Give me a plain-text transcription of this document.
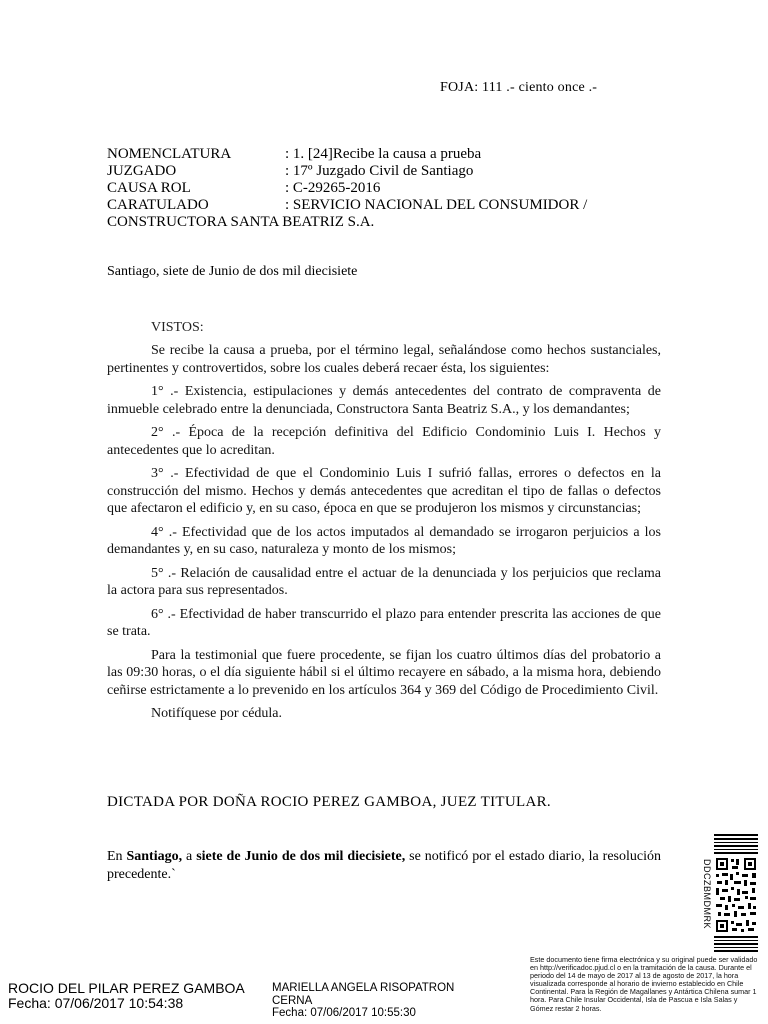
FOJA: 111 .- ciento once .-
NOMENCLATURA	: 1. [24]Recibe la causa a prueba
JUZGADO	: 17º Juzgado Civil de Santiago
CAUSA ROL	: C-29265-2016
CARATULADO	: SERVICIO NACIONAL DEL CONSUMIDOR /
CONSTRUCTORA SANTA BEATRIZ S.A.
Santiago, siete de Junio de dos mil diecisiete
VISTOS:

Se recibe la causa a prueba, por el término legal, señalándose como hechos sustanciales, pertinentes y controvertidos, sobre los cuales deberá recaer ésta, los siguientes:

1° .- Existencia, estipulaciones y demás antecedentes del contrato de compraventa de inmueble celebrado entre la denunciada, Constructora Santa Beatriz S.A., y los demandantes;

2° .- Época de la recepción definitiva del Edificio Condominio Luis I. Hechos y antecedentes que lo acreditan.

3° .- Efectividad de que el Condominio Luis I sufrió fallas, errores o defectos en la construcción del mismo. Hechos y demás antecedentes que acreditan el tipo de fallas o defectos que afectaron el edificio y, en su caso, época en que se produjeron los mismos y circunstancias;

4° .- Efectividad que de los actos imputados al demandado se irrogaron perjuicios a los demandantes y, en su caso, naturaleza y monto de los mismos;

5° .- Relación de causalidad entre el actuar de la denunciada y los perjuicios que reclama la actora para sus representados.

6° .- Efectividad de haber transcurrido el plazo para entender prescrita las acciones de que se trata.

Para la testimonial que fuere procedente, se fijan los cuatro últimos días del probatorio a las 09:30 horas, o el día siguiente hábil si el último recayere en sábado, a la misma hora, debiendo ceñirse estrictamente a lo prevenido en los artículos 364 y 369 del Código de Procedimiento Civil.

Notifíquese por cédula.

DICTADA POR DOÑA ROCIO PEREZ GAMBOA, JUEZ TITULAR.
En Santiago, a siete de Junio de dos mil diecisiete, se notificó por el estado diario, la resolución precedente.`	DDCZBMDMRK
Este documento tiene firma electrónica y su original puede ser validado en http://verificadoc.pjud.cl o en la tramitación de la causa. Durante el periodo del 14 de mayo de 2017 al 13 de agosto de 2017, la hora visualizada corresponde al horario de invierno establecido en Chile Continental. Para la Región de Magallanes y Antártica Chilena sumar 1 hora. Para Chile Insular Occidental, Isla de Pascua e Isla Salas y Gómez restar 2 horas.
ROCIO DEL PILAR PEREZ GAMBOA
Fecha: 07/06/2017 10:54:38
MARIELLA ANGELA RISOPATRON CERNA
Fecha: 07/06/2017 10:55:30
